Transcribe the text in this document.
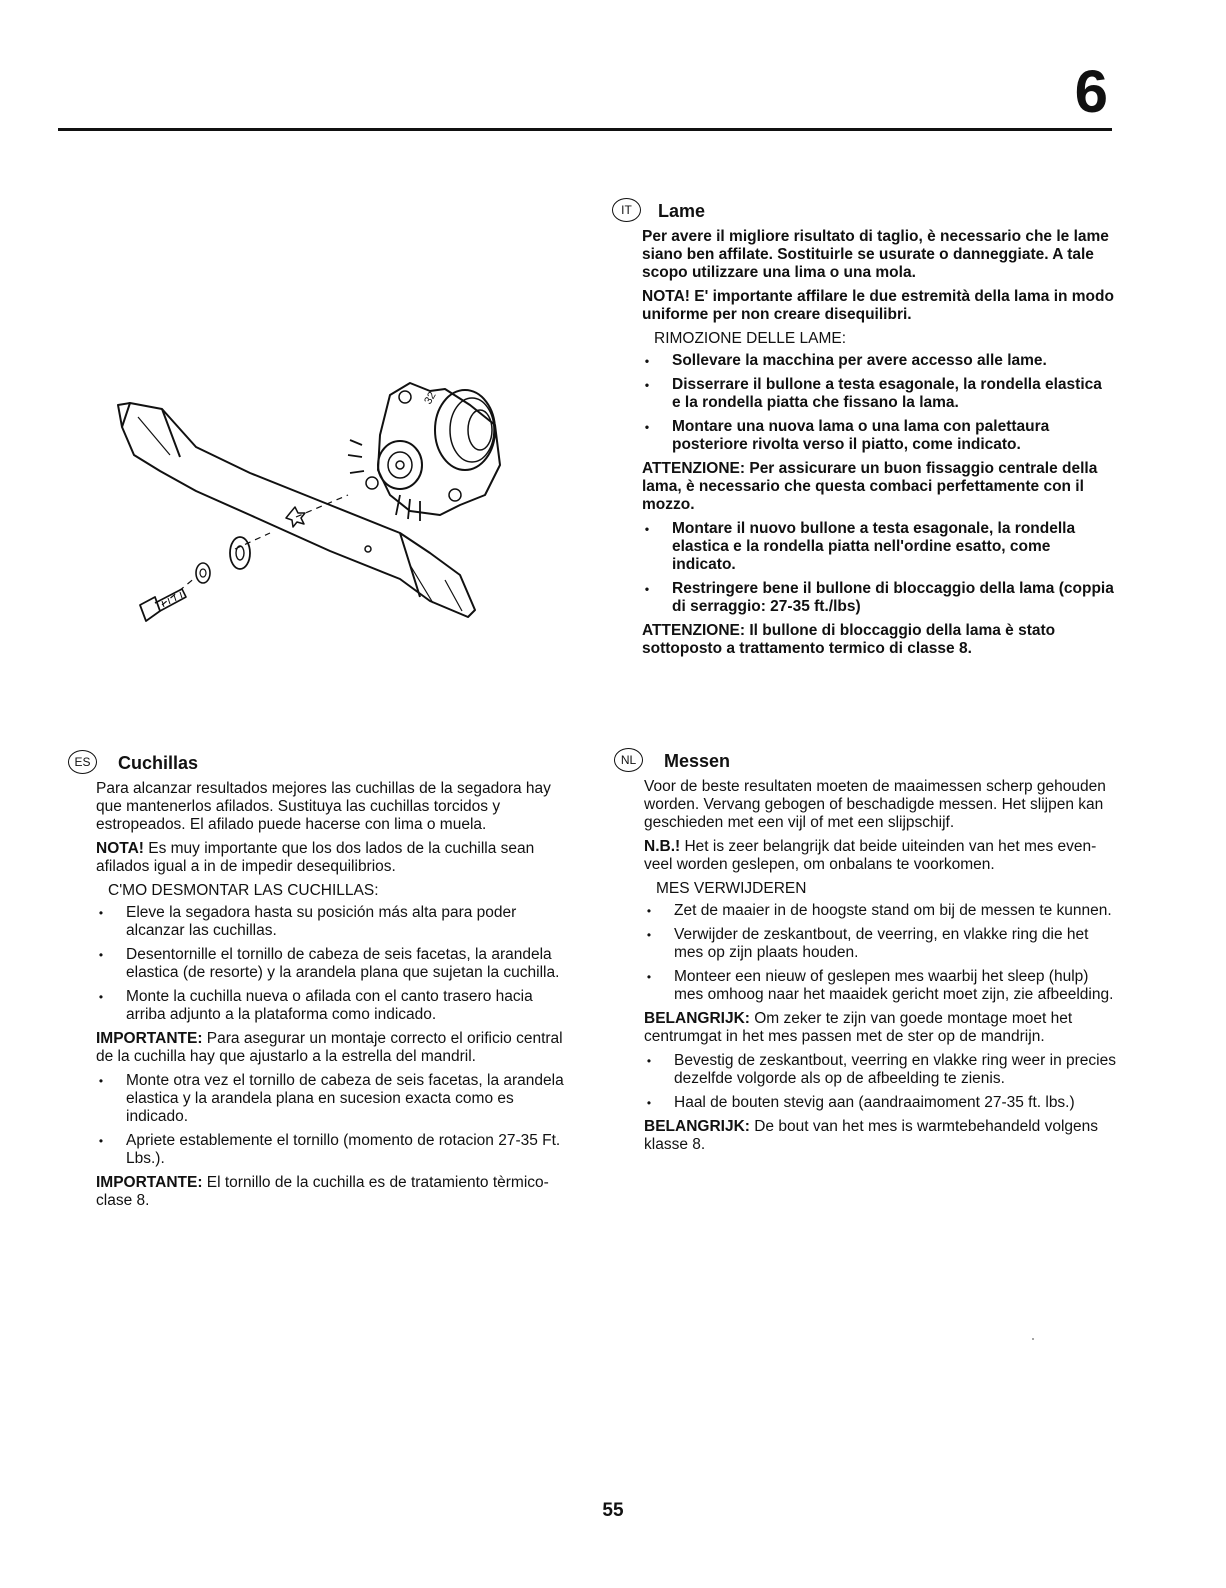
6
32
IT	Lame

Per avere il migliore risultato di taglio, è necessario che le lame siano ben affilate. Sostituirle se usurate o danneggiate. A tale scopo utilizzare una lima o una mola.

NOTA! E' importante affilare le due estremità della lama in modo uniforme per non creare disequilibri.

RIMOZIONE DELLE LAME:

• Sollevare la macchina per avere accesso alle lame.
• Disserrare il bullone a testa esagonale, la rondella elastica e la rondella piatta che fissano la lama.
• Montare una nuova lama o una lama con palettaura posteriore rivolta verso il piatto, come indicato.

ATTENZIONE: Per assicurare un buon fissaggio centrale della lama, è necessario che questa combaci perfettamente con il mozzo.

• Montare il nuovo bullone a testa esagonale, la rondella elastica e la rondella piatta nell'ordine esatto, come indicato.
• Restringere bene il bullone di bloccaggio della lama (coppia di serraggio: 27-35 ft./lbs)

ATTENZIONE: Il bullone di bloccaggio della lama è stato sottoposto a trattamento termico di classe 8.

ES	Cuchillas

Para alcanzar resultados mejores las cuchillas de la segadora hay que mantenerlos afilados. Sustituya las cuchillas torcidos y estropeados. El afilado puede hacerse con lima o muela.

NOTA! Es muy importante que los dos lados de la cuchilla sean afilados igual a in de impedir desequilibrios.

C'MO DESMONTAR LAS CUCHILLAS:

• Eleve la segadora hasta su posición más alta para poder alcanzar las cuchillas.
• Desentornille el tornillo de cabeza de seis facetas, la arandela elastica (de resorte) y la arandela plana que sujetan la cuchilla.
• Monte la cuchilla nueva o afilada con el canto trasero hacia arriba adjunto a la plataforma como indicado.

IMPORTANTE: Para asegurar un montaje correcto el orificio central de la cuchilla hay que ajustarlo a la estrella del mandril.

• Monte otra vez el tornillo de cabeza de seis facetas, la arandela elastica y la arandela plana en sucesion exacta como es indicado.
• Apriete establemente el tornillo (momento de rotacion 27-35 Ft. Lbs.).

IMPORTANTE: El tornillo de la cuchilla es de tratamiento tèrmico-clase 8.

NL	Messen

Voor de beste resultaten moeten de maaimessen scherp gehouden worden. Vervang gebogen of beschadigde messen. Het slijpen kan geschieden met een vijl of met een slijpschijf.

N.B.! Het is zeer belangrijk dat beide uiteinden van het mes even-veel worden geslepen, om onbalans te voorkomen.

MES VERWIJDEREN

• Zet de maaier in de hoogste stand om bij de messen te kunnen.
• Verwijder de zeskantbout, de veerring, en vlakke ring die het mes op zijn plaats houden.
• Monteer een nieuw of geslepen mes waarbij het sleep (hulp) mes omhoog naar het maaidek gericht moet zijn, zie afbeelding.

BELANGRIJK: Om zeker te zijn van goede montage moet het centrumgat in het mes passen met de ster op de mandrijn.

• Bevestig de zeskantbout, veerring en vlakke ring weer in precies dezelfde volgorde als op de afbeelding te zienis.
• Haal de bouten stevig aan (aandraaimoment 27-35 ft. lbs.)

BELANGRIJK: De bout van het mes is warmtebehandeld volgens klasse 8.

55
